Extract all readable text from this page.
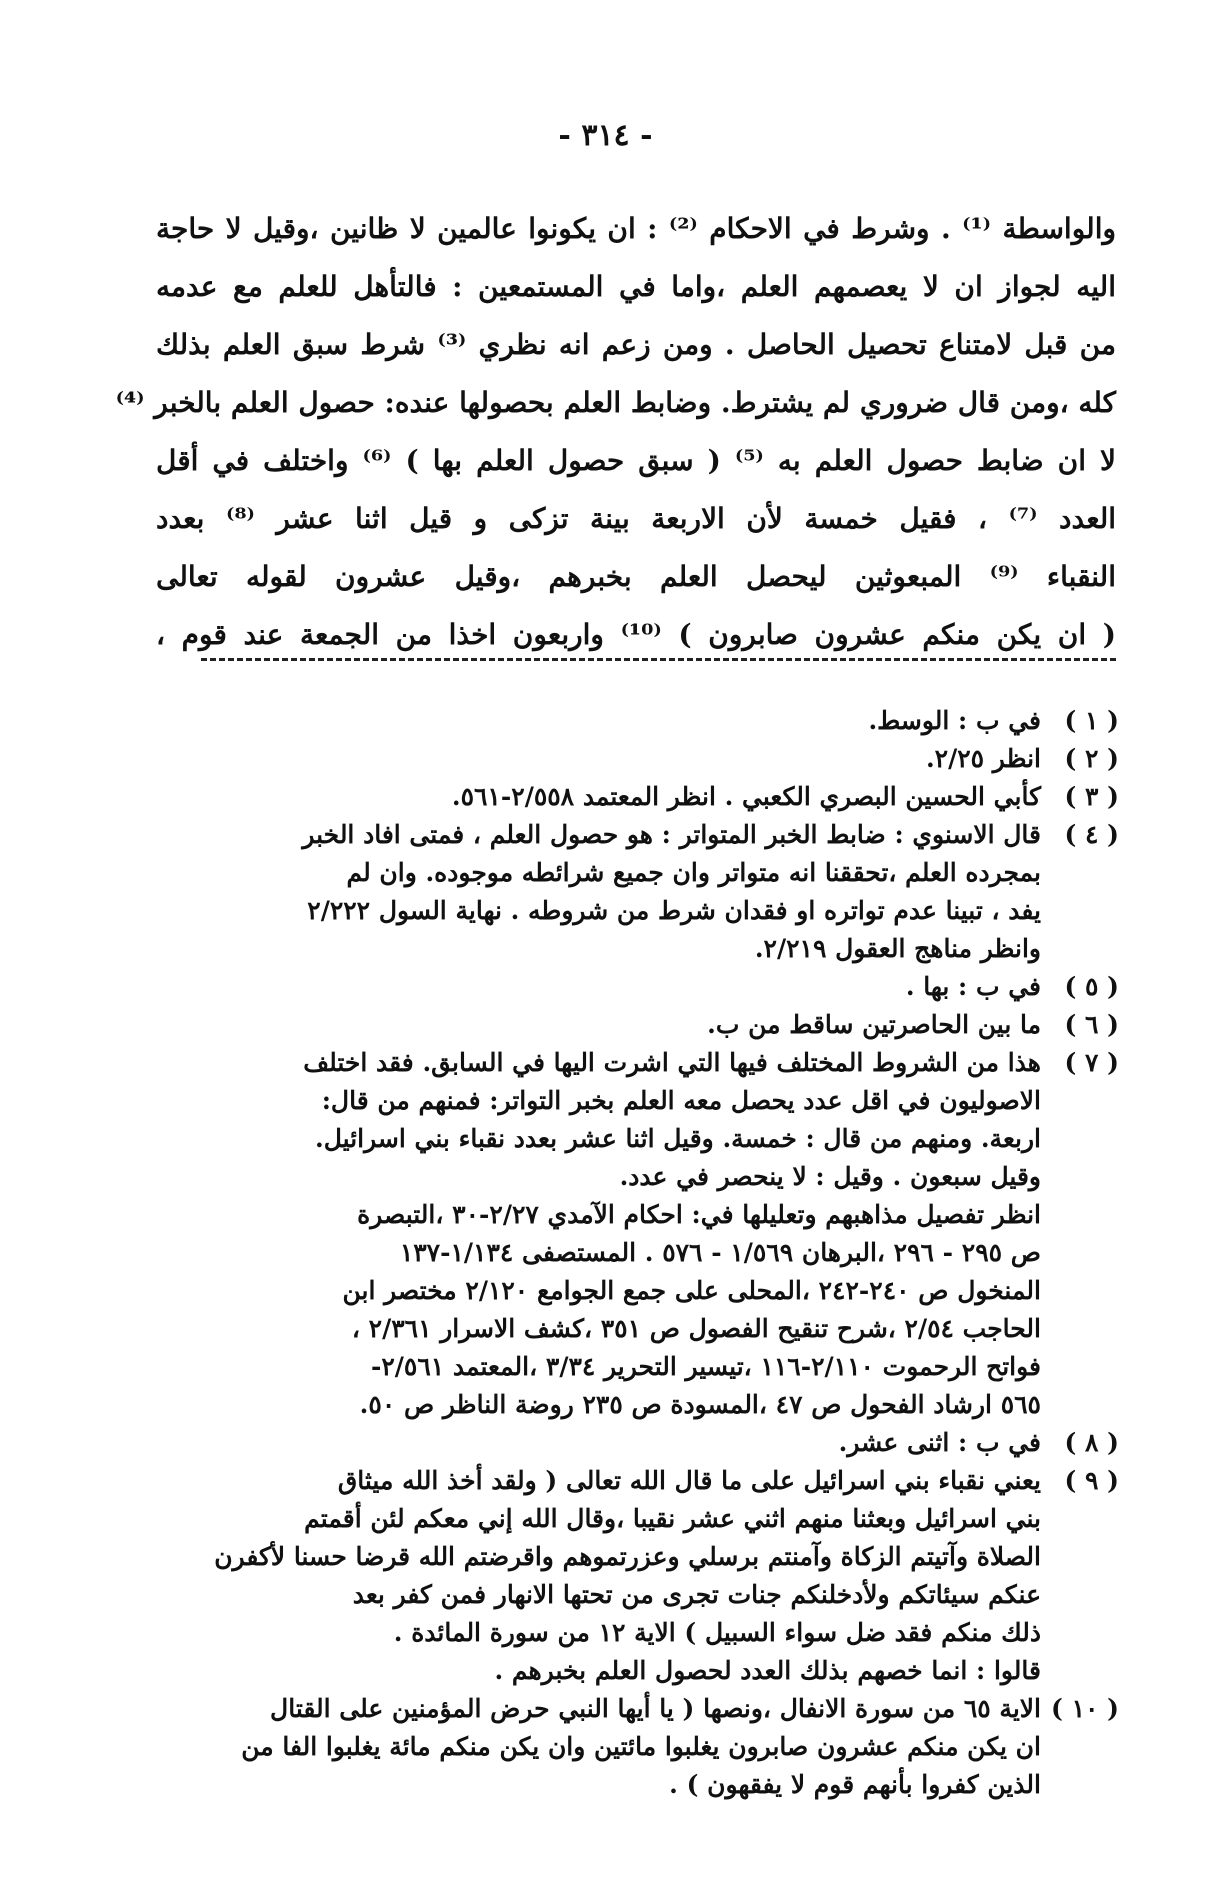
- ٣١٤ -
والواسطة ⁽¹⁾ . وشرط في الاحكام ⁽²⁾ : ان يكونوا عالمين لا ظانين ،وقيل لا حاجة
اليه لجواز ان لا يعصمهم العلم ،واما في المستمعين : فالتأهل للعلم مع عدمه
من قبل لامتناع تحصيل الحاصل . ومن زعم انه نظري ⁽³⁾ شرط سبق العلم بذلك
كله ،ومن قال ضروري لم يشترط. وضابط العلم بحصولها عنده: حصول العلم بالخبر ⁽⁴⁾
لا ان ضابط حصول العلم به ⁽⁵⁾ ( سبق حصول العلم بها ) ⁽⁶⁾ واختلف في أقل
العدد ⁽⁷⁾ ، فقيل خمسة لأن الاربعة بينة تزكى و قيل اثنا عشر ⁽⁸⁾ بعدد
النقباء ⁽⁹⁾ المبعوثين ليحصل العلم بخبرهم ،وقيل عشرون لقوله تعالى
( ان يكن منكم عشرون صابرون ) ⁽¹⁰⁾ واربعون اخذا من الجمعة عند قوم ،
( ١ )
في ب : الوسط.
( ٢ )
انظر ٢/٢٥.
( ٣ )
كأبي الحسين البصري الكعبي . انظر المعتمد ٢/٥٥٨-٥٦١.
( ٤ )
قال الاسنوي : ضابط الخبر المتواتر : هو حصول العلم ، فمتى افاد الخبر
بمجرده العلم ،تحققنا انه متواتر وان جميع شرائطه موجوده. وان لم
يفد ، تبينا عدم تواتره او فقدان شرط من شروطه . نهاية السول ٢/٢٢٢
وانظر مناهج العقول ٢/٢١٩.
( ٥ )
في ب : بها .
( ٦ )
ما بين الحاصرتين ساقط من ب.
( ٧ )
هذا من الشروط المختلف فيها التي اشرت اليها في السابق. فقد اختلف
الاصوليون في اقل عدد يحصل معه العلم بخبر التواتر: فمنهم من قال:
اربعة. ومنهم من قال : خمسة. وقيل اثنا عشر بعدد نقباء بني اسرائيل.
وقيل سبعون . وقيل : لا ينحصر في عدد.
انظر تفصيل مذاهبهم وتعليلها في: احكام الآمدي ٢/٢٧-٣٠ ،التبصرة
ص ٢٩٥ - ٢٩٦ ،البرهان ١/٥٦٩ - ٥٧٦ . المستصفى ١/١٣٤-١٣٧
المنخول ص ٢٤٠-٢٤٢ ،المحلى على جمع الجوامع ٢/١٢٠ مختصر ابن
الحاجب ٢/٥٤ ،شرح تنقيح الفصول ص ٣٥١ ،كشف الاسرار ٢/٣٦١ ،
فواتح الرحموت ٢/١١٠-١١٦ ،تيسير التحرير ٣/٣٤ ،المعتمد ٢/٥٦١-
٥٦٥ ارشاد الفحول ص ٤٧ ،المسودة ص ٢٣٥ روضة الناظر ص ٥٠.
( ٨ )
في ب : اثنى عشر.
( ٩ )
يعني نقباء بني اسرائيل على ما قال الله تعالى ( ولقد أخذ الله ميثاق
بني اسرائيل وبعثنا منهم اثني عشر نقيبا ،وقال الله إني معكم لئن أقمتم
الصلاة وآتيتم الزكاة وآمنتم برسلي وعزرتموهم واقرضتم الله قرضا حسنا لأكفرن
عنكم سيئاتكم ولأدخلنكم جنات تجرى من تحتها الانهار فمن كفر بعد
ذلك منكم فقد ضل سواء السبيل ) الاية ١٢ من سورة المائدة .
قالوا : انما خصهم بذلك العدد لحصول العلم بخبرهم .
( ١٠ )
الاية ٦٥ من سورة الانفال ،ونصها ( يا أيها النبي حرض المؤمنين على القتال
ان يكن منكم عشرون صابرون يغلبوا مائتين وان يكن منكم مائة يغلبوا الفا من
الذين كفروا بأنهم قوم لا يفقهون ) .
